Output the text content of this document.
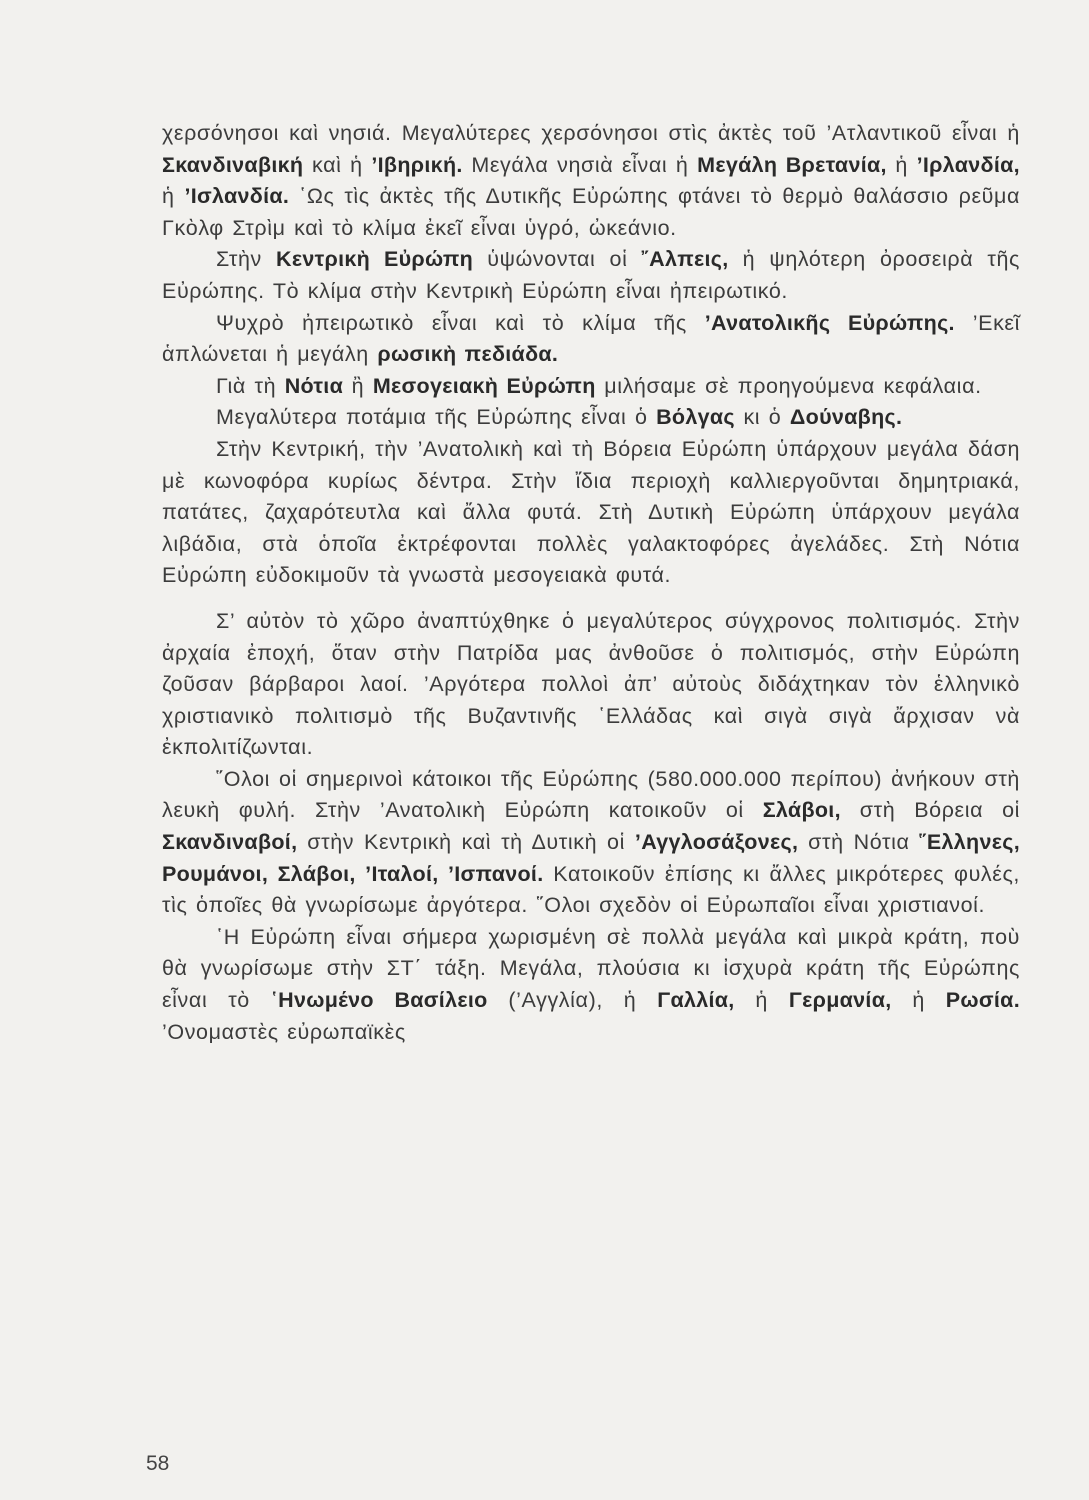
χερσόνησοι καὶ νησιά. Μεγαλύτερες χερσόνησοι στὶς ἀκτὲς τοῦ ’Ατλαντικοῦ εἶναι ἡ Σκανδιναβική καὶ ἡ ’Ιβηρική. Μεγάλα νησιὰ εἶναι ἡ Μεγάλη Βρετανία, ἡ ’Ιρλανδία, ἡ ’Ισλανδία. ῾Ως τὶς ἀκτὲς τῆς Δυτικῆς Εὐρώπης φτάνει τὸ θερμὸ θαλάσσιο ρεῦμα Γκὸλφ Στρὶμ καὶ τὸ κλίμα ἐκεῖ εἶναι ὑγρό, ὠκεάνιο.

Στὴν Κεντρικὴ Εὐρώπη ὑψώνονται οἱ ῎Αλπεις, ἡ ψηλότερη ὀροσειρὰ τῆς Εὐρώπης. Τὸ κλίμα στὴν Κεντρικὴ Εὐρώπη εἶναι ἠπειρωτικό.

Ψυχρὸ ἠπειρωτικὸ εἶναι καὶ τὸ κλίμα τῆς ’Ανατολικῆς Εὐρώπης. ’Εκεῖ ἁπλώνεται ἡ μεγάλη ρωσικὴ πεδιάδα.

Γιὰ τὴ Νότια ἢ Μεσογειακὴ Εὐρώπη μιλήσαμε σὲ προηγούμενα κεφάλαια.

Μεγαλύτερα ποτάμια τῆς Εὐρώπης εἶναι ὁ Βόλγας κι ὁ Δούναβης.

Στὴν Κεντρική, τὴν ’Ανατολικὴ καὶ τὴ Βόρεια Εὐρώπη ὑπάρχουν μεγάλα δάση μὲ κωνοφόρα κυρίως δέντρα. Στὴν ἴδια περιοχὴ καλλιεργοῦνται δημητριακά, πατάτες, ζαχαρότευτλα καὶ ἄλλα φυτά. Στὴ Δυτικὴ Εὐρώπη ὑπάρχουν μεγάλα λιβάδια, στὰ ὁποῖα ἐκτρέφονται πολλὲς γαλακτοφόρες ἀγελάδες. Στὴ Νότια Εὐρώπη εὐδοκιμοῦν τὰ γνωστὰ μεσογειακὰ φυτά.

Σ’ αὐτὸν τὸ χῶρο ἀναπτύχθηκε ὁ μεγαλύτερος σύγχρονος πολιτισμός. Στὴν ἀρχαία ἐποχή, ὅταν στὴν Πατρίδα μας ἀνθοῦσε ὁ πολιτισμός, στὴν Εὐρώπη ζοῦσαν βάρβαροι λαοί. ’Αργότερα πολλοὶ ἀπ’ αὐτοὺς διδάχτηκαν τὸν ἑλληνικὸ χριστιανικὸ πολιτισμὸ τῆς Βυζαντινῆς ῾Ελλάδας καὶ σιγὰ σιγὰ ἄρχισαν νὰ ἐκπολιτίζωνται.

῞Ολοι οἱ σημερινοὶ κάτοικοι τῆς Εὐρώπης (580.000.000 περίπου) ἀνήκουν στὴ λευκὴ φυλή. Στὴν ’Ανατολικὴ Εὐρώπη κατοικοῦν οἱ Σλάβοι, στὴ Βόρεια οἱ Σκανδιναβοί, στὴν Κεντρικὴ καὶ τὴ Δυτικὴ οἱ ’Αγγλοσάξονες, στὴ Νότια ῞Ελληνες, Ρουμάνοι, Σλάβοι, ’Ιταλοί, ’Ισπανοί. Κατοικοῦν ἐπίσης κι ἄλλες μικρότερες φυλές, τὶς ὁποῖες θὰ γνωρίσωμε ἀργότερα. ῞Ολοι σχεδὸν οἱ Εὐρωπαῖοι εἶναι χριστιανοί.

῾Η Εὐρώπη εἶναι σήμερα χωρισμένη σὲ πολλὰ μεγάλα καὶ μικρὰ κράτη, ποὺ θὰ γνωρίσωμε στὴν ΣΤ΄ τάξη. Μεγάλα, πλούσια κι ἰσχυρὰ κράτη τῆς Εὐρώπης εἶναι τὸ ῾Ηνωμένο Βασίλειο (’Αγγλία), ἡ Γαλλία, ἡ Γερμανία, ἡ Ρωσία. ’Ονομαστὲς εὐρωπαϊκὲς

58
